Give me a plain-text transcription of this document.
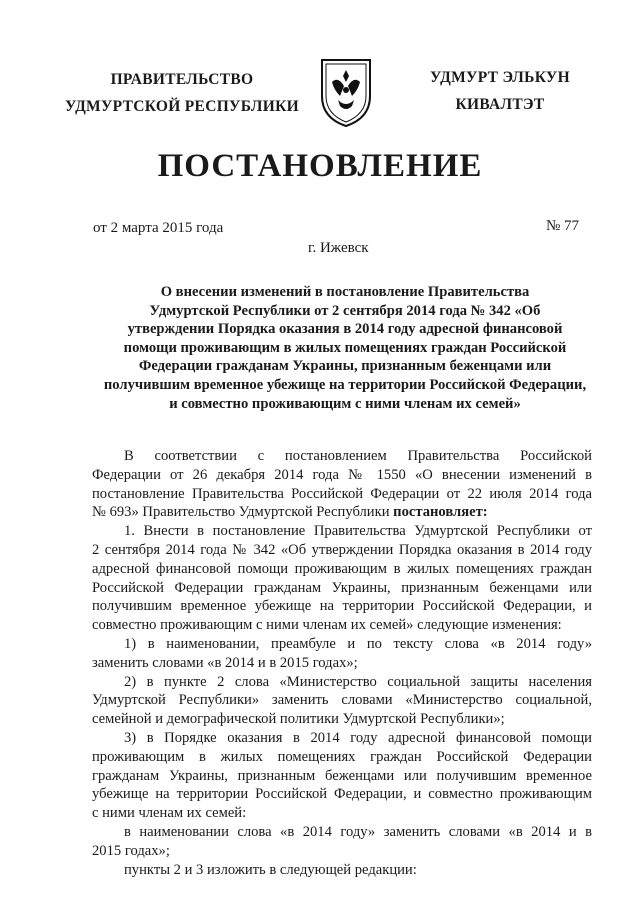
ПРАВИТЕЛЬСТВО
УДМУРТСКОЙ РЕСПУБЛИКИ
УДМУРТ ЭЛЬКУН
КИВАЛТЭТ
ПОСТАНОВЛЕНИЕ
от 2 марта 2015 года	№ 77
г. Ижевск
О внесении изменений в постановление Правительства
Удмуртской Республики от 2 сентября 2014 года № 342 «Об
утверждении Порядка оказания в 2014 году адресной финансовой
помощи проживающим в жилых помещениях граждан Российской
Федерации гражданам Украины, признанным беженцами или
получившим временное убежище на территории Российской Федерации,
и совместно проживающим с ними членам их семей»
В соответствии с постановлением Правительства Российской
Федерации от 26 декабря 2014 года № 1550 «О внесении изменений в
постановление Правительства Российской Федерации от 22 июля 2014 года
№ 693» Правительство Удмуртской Республики постановляет:
1. Внести в постановление Правительства Удмуртской Республики от
2 сентября 2014 года № 342 «Об утверждении Порядка оказания в 2014 году
адресной финансовой помощи проживающим в жилых помещениях граждан
Российской Федерации гражданам Украины, признанным беженцами или
получившим временное убежище на территории Российской Федерации, и
совместно проживающим с ними членам их семей» следующие изменения:
1) в наименовании, преамбуле и по тексту слова «в 2014 году»
заменить словами «в 2014 и в 2015 годах»;
2) в пункте 2 слова «Министерство социальной защиты населения
Удмуртской Республики» заменить словами «Министерство социальной,
семейной и демографической политики Удмуртской Республики»;
3) в Порядке оказания в 2014 году адресной финансовой помощи
проживающим в жилых помещениях граждан Российской Федерации
гражданам Украины, признанным беженцами или получившим временное
убежище на территории Российской Федерации, и совместно проживающим
с ними членам их семей:
в наименовании слова «в 2014 году» заменить словами «в 2014 и в
2015 годах»;
пункты 2 и 3 изложить в следующей редакции:
